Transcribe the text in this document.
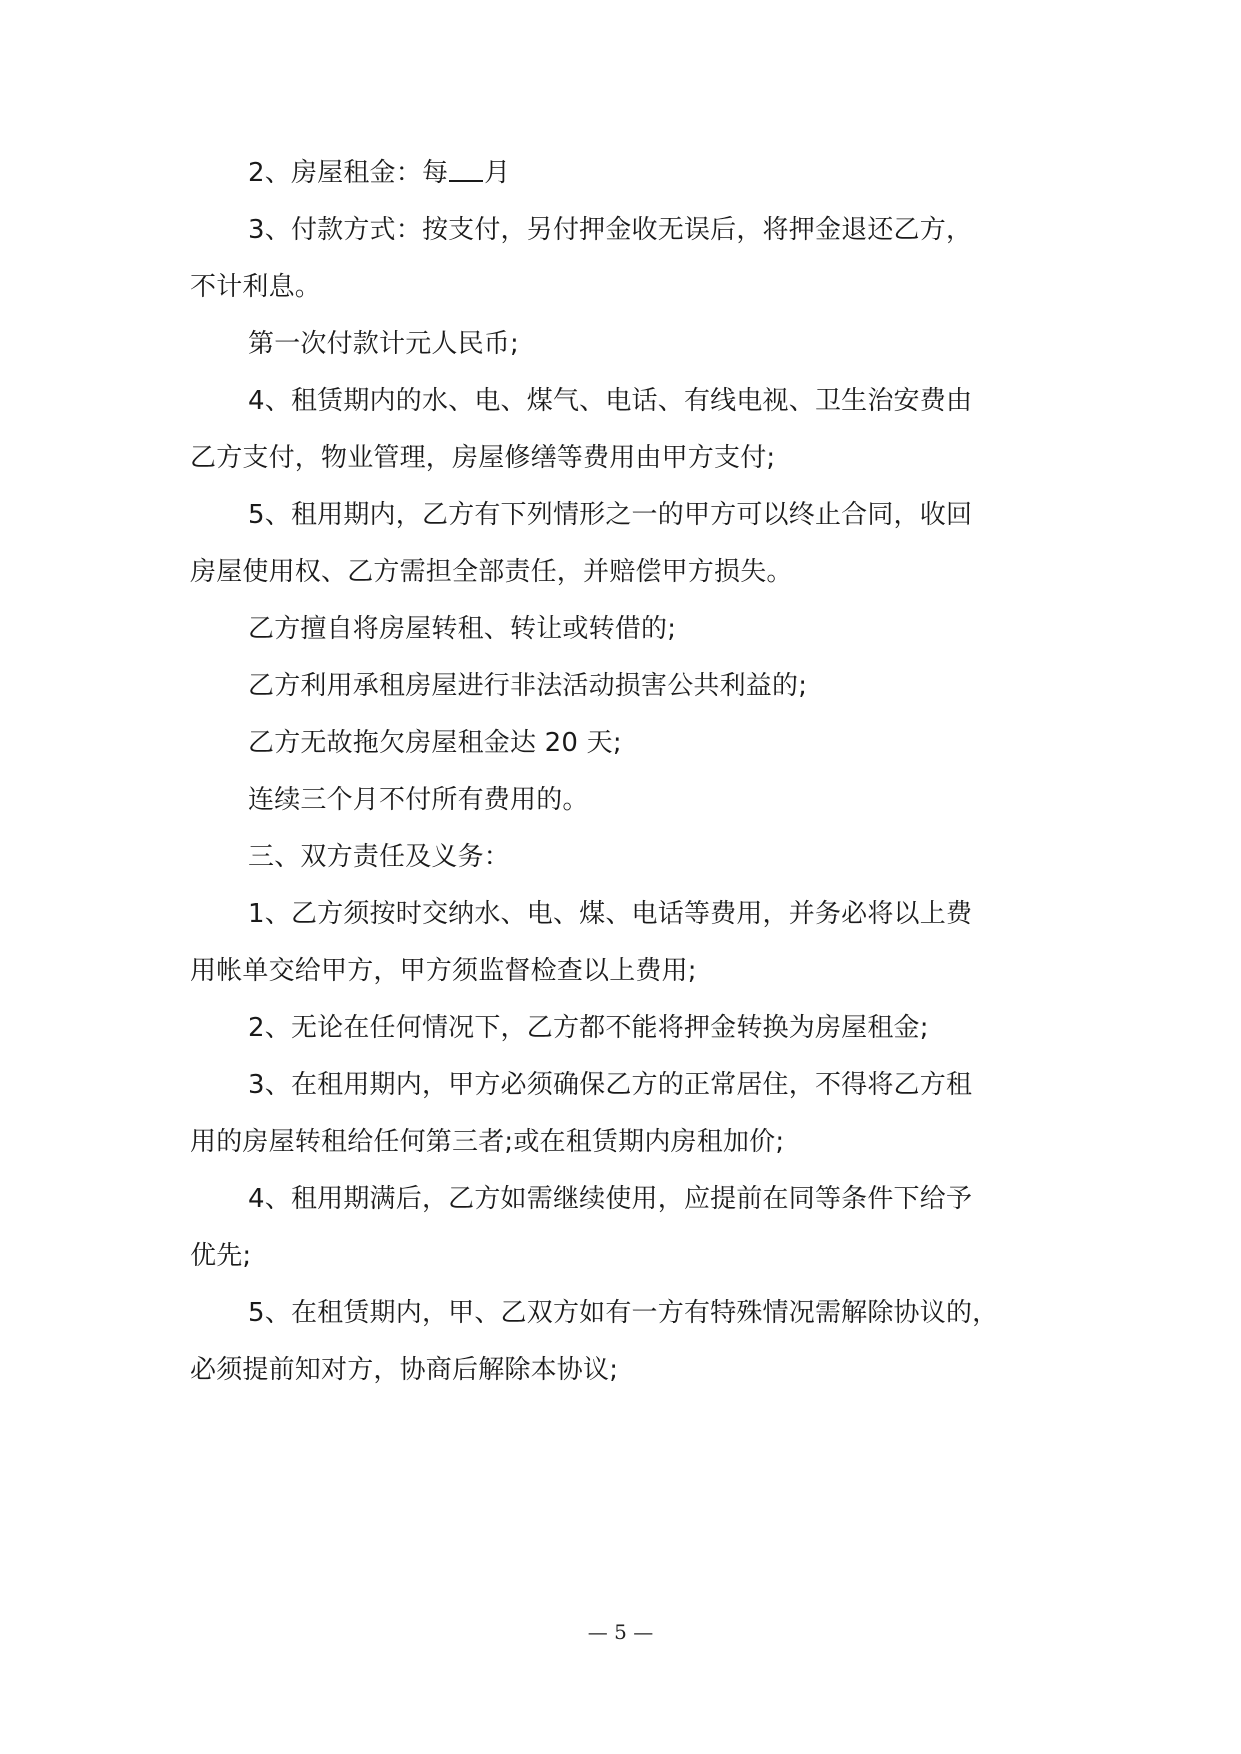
2、房屋租金：每 月
3、付款方式：按支付，另付押金收无误后，将押金退还乙方，
不计利息。
第一次付款计元人民币;
4、租赁期内的水、电、煤气、电话、有线电视、卫生治安费由
乙方支付，物业管理，房屋修缮等费用由甲方支付;
5、租用期内，乙方有下列情形之一的甲方可以终止合同，收回
房屋使用权、乙方需担全部责任，并赔偿甲方损失。
乙方擅自将房屋转租、转让或转借的;
乙方利用承租房屋进行非法活动损害公共利益的;
乙方无故拖欠房屋租金达 20 天;
连续三个月不付所有费用的。
三、双方责任及义务：
1、乙方须按时交纳水、电、煤、电话等费用，并务必将以上费
用帐单交给甲方，甲方须监督检查以上费用;
2、无论在任何情况下，乙方都不能将押金转换为房屋租金;
3、在租用期内，甲方必须确保乙方的正常居住，不得将乙方租
用的房屋转租给任何第三者;或在租赁期内房租加价;
4、租用期满后，乙方如需继续使用，应提前在同等条件下给予
优先;
5、在租赁期内，甲、乙双方如有一方有特殊情况需解除协议的，
必须提前知对方，协商后解除本协议;
— 5 —
